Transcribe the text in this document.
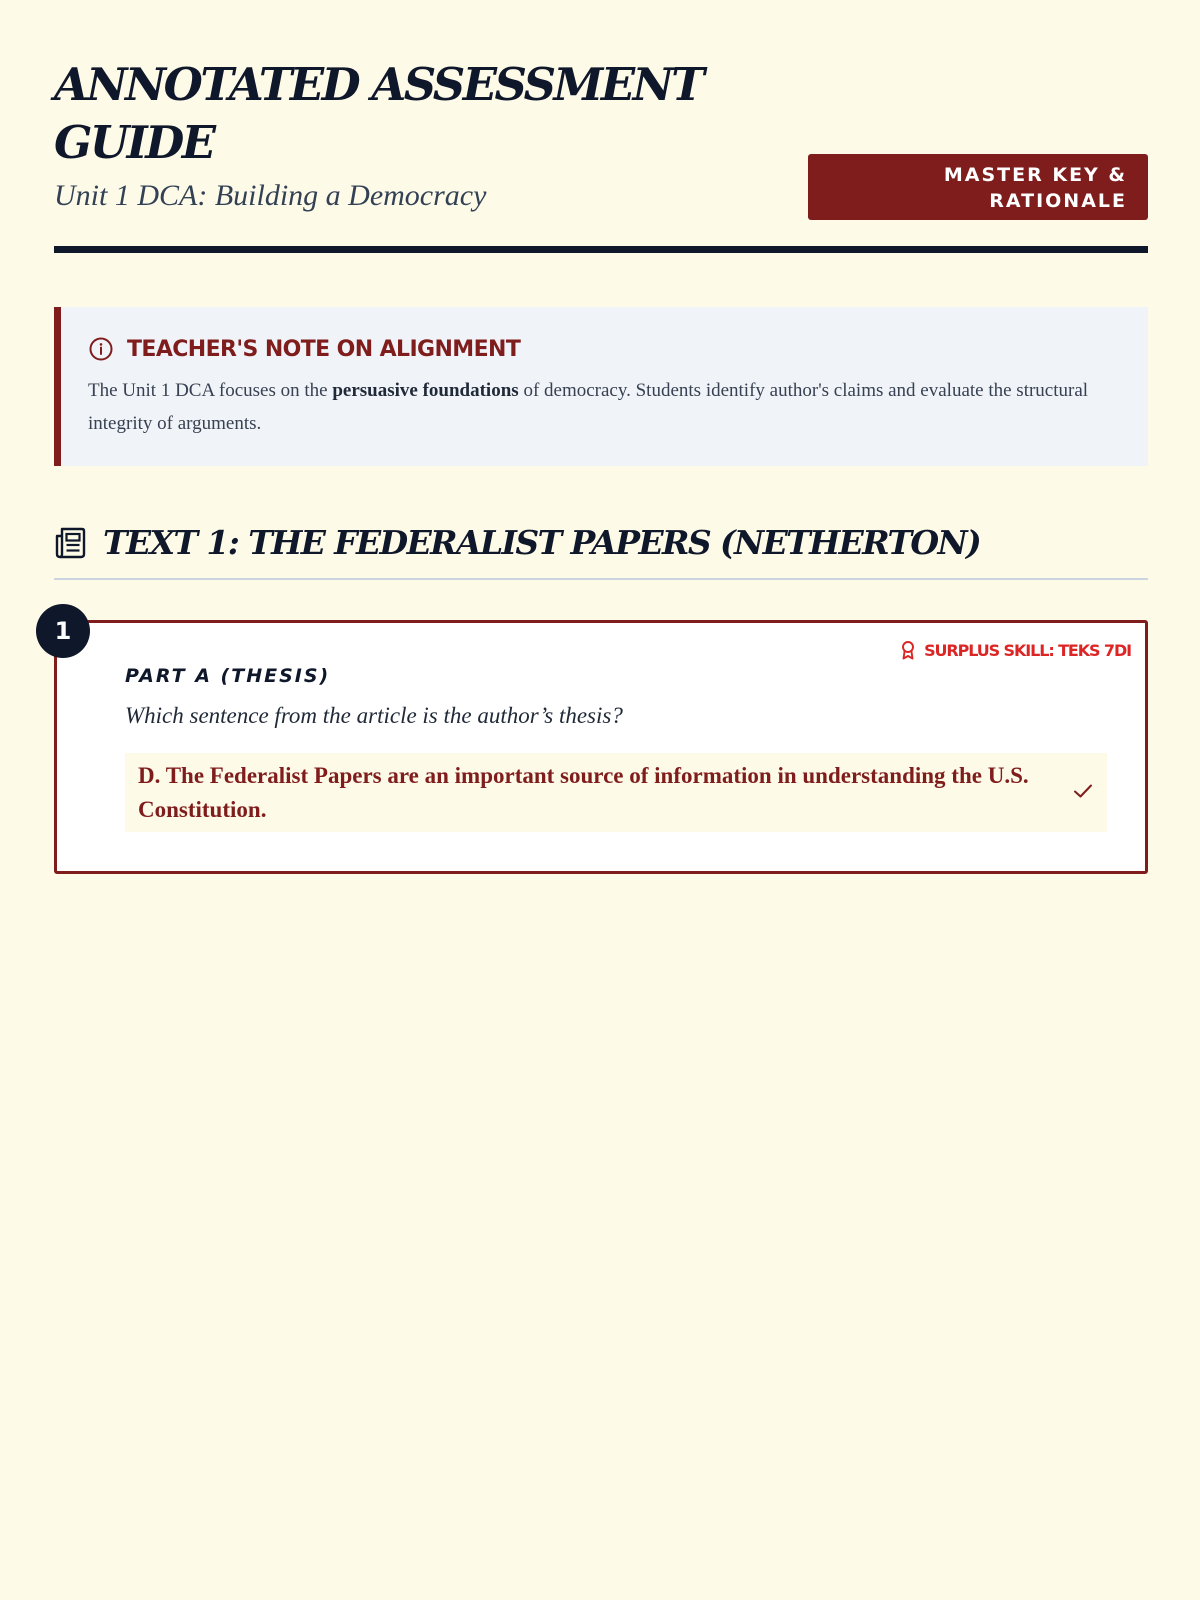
ANNOTATED ASSESSMENT GUIDE

Unit 1 DCA: Building a Democracy

MASTER KEY & RATIONALE
TEACHER'S NOTE ON ALIGNMENT

The Unit 1 DCA focuses on the persuasive foundations of democracy. Students identify author's claims and evaluate the structural integrity of arguments.

TEXT 1: THE FEDERALIST PAPERS (NETHERTON)
SURPLUS SKILL: TEKS 7DI

PART A (THESIS)

Which sentence from the article is the author’s thesis?

D. The Federalist Papers are an important source of information in understanding the U.S. Constitution.

1
